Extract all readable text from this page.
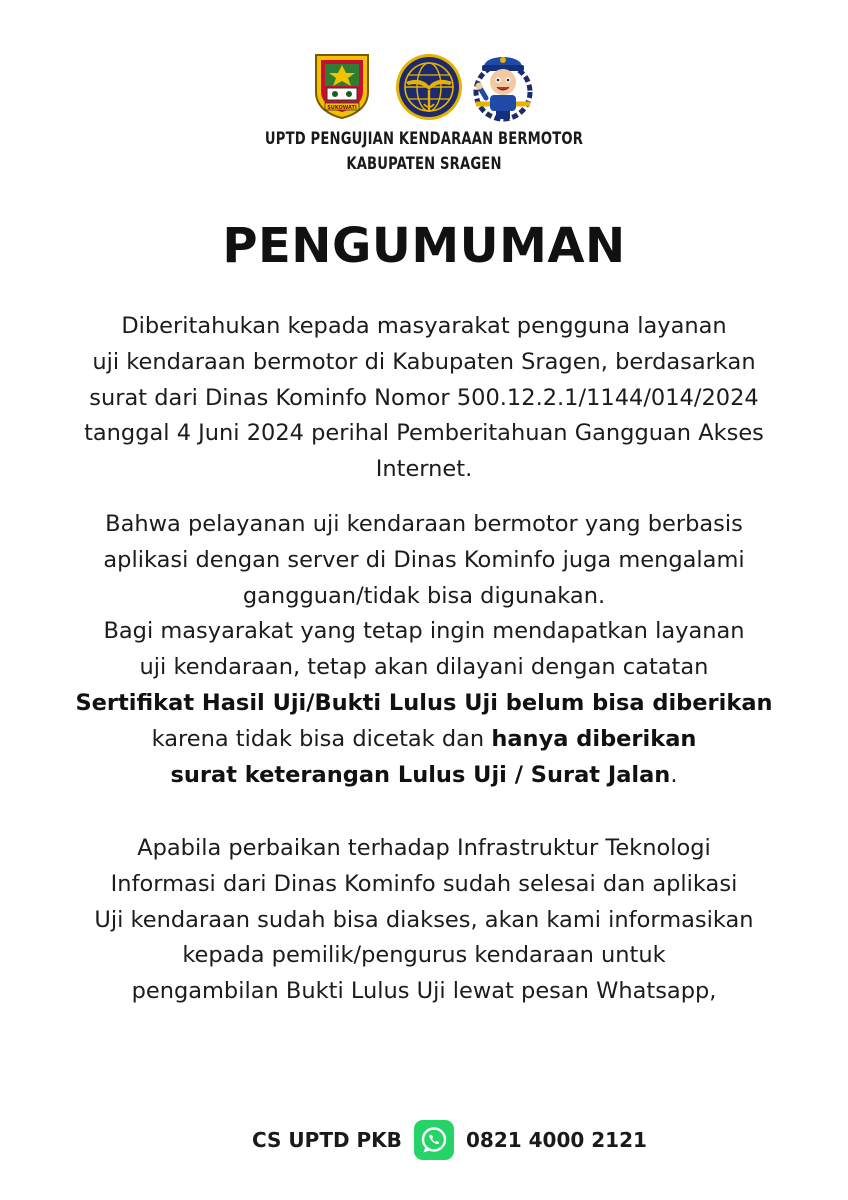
SUKOWATI
UPTD PENGUJIAN KENDARAAN BERMOTOR
KABUPATEN SRAGEN
PENGUMUMAN
Diberitahukan kepada masyarakat pengguna layanan
uji kendaraan bermotor di Kabupaten Sragen, berdasarkan
surat dari Dinas Kominfo Nomor 500.12.2.1/1144/014/2024
tanggal 4 Juni 2024 perihal Pemberitahuan Gangguan Akses
Internet.
Bahwa pelayanan uji kendaraan bermotor yang berbasis
aplikasi dengan server di Dinas Kominfo juga mengalami
gangguan/tidak bisa digunakan.
Bagi masyarakat yang tetap ingin mendapatkan layanan
uji kendaraan, tetap akan dilayani dengan catatan
Sertifikat Hasil Uji/Bukti Lulus Uji belum bisa diberikan
karena tidak bisa dicetak dan hanya diberikan
surat keterangan Lulus Uji / Surat Jalan.
Apabila perbaikan terhadap Infrastruktur Teknologi
Informasi dari Dinas Kominfo sudah selesai dan aplikasi
Uji kendaraan sudah bisa diakses, akan kami informasikan
kepada pemilik/pengurus kendaraan untuk
pengambilan Bukti Lulus Uji lewat pesan Whatsapp,
CS UPTD PKB	0821 4000 2121
